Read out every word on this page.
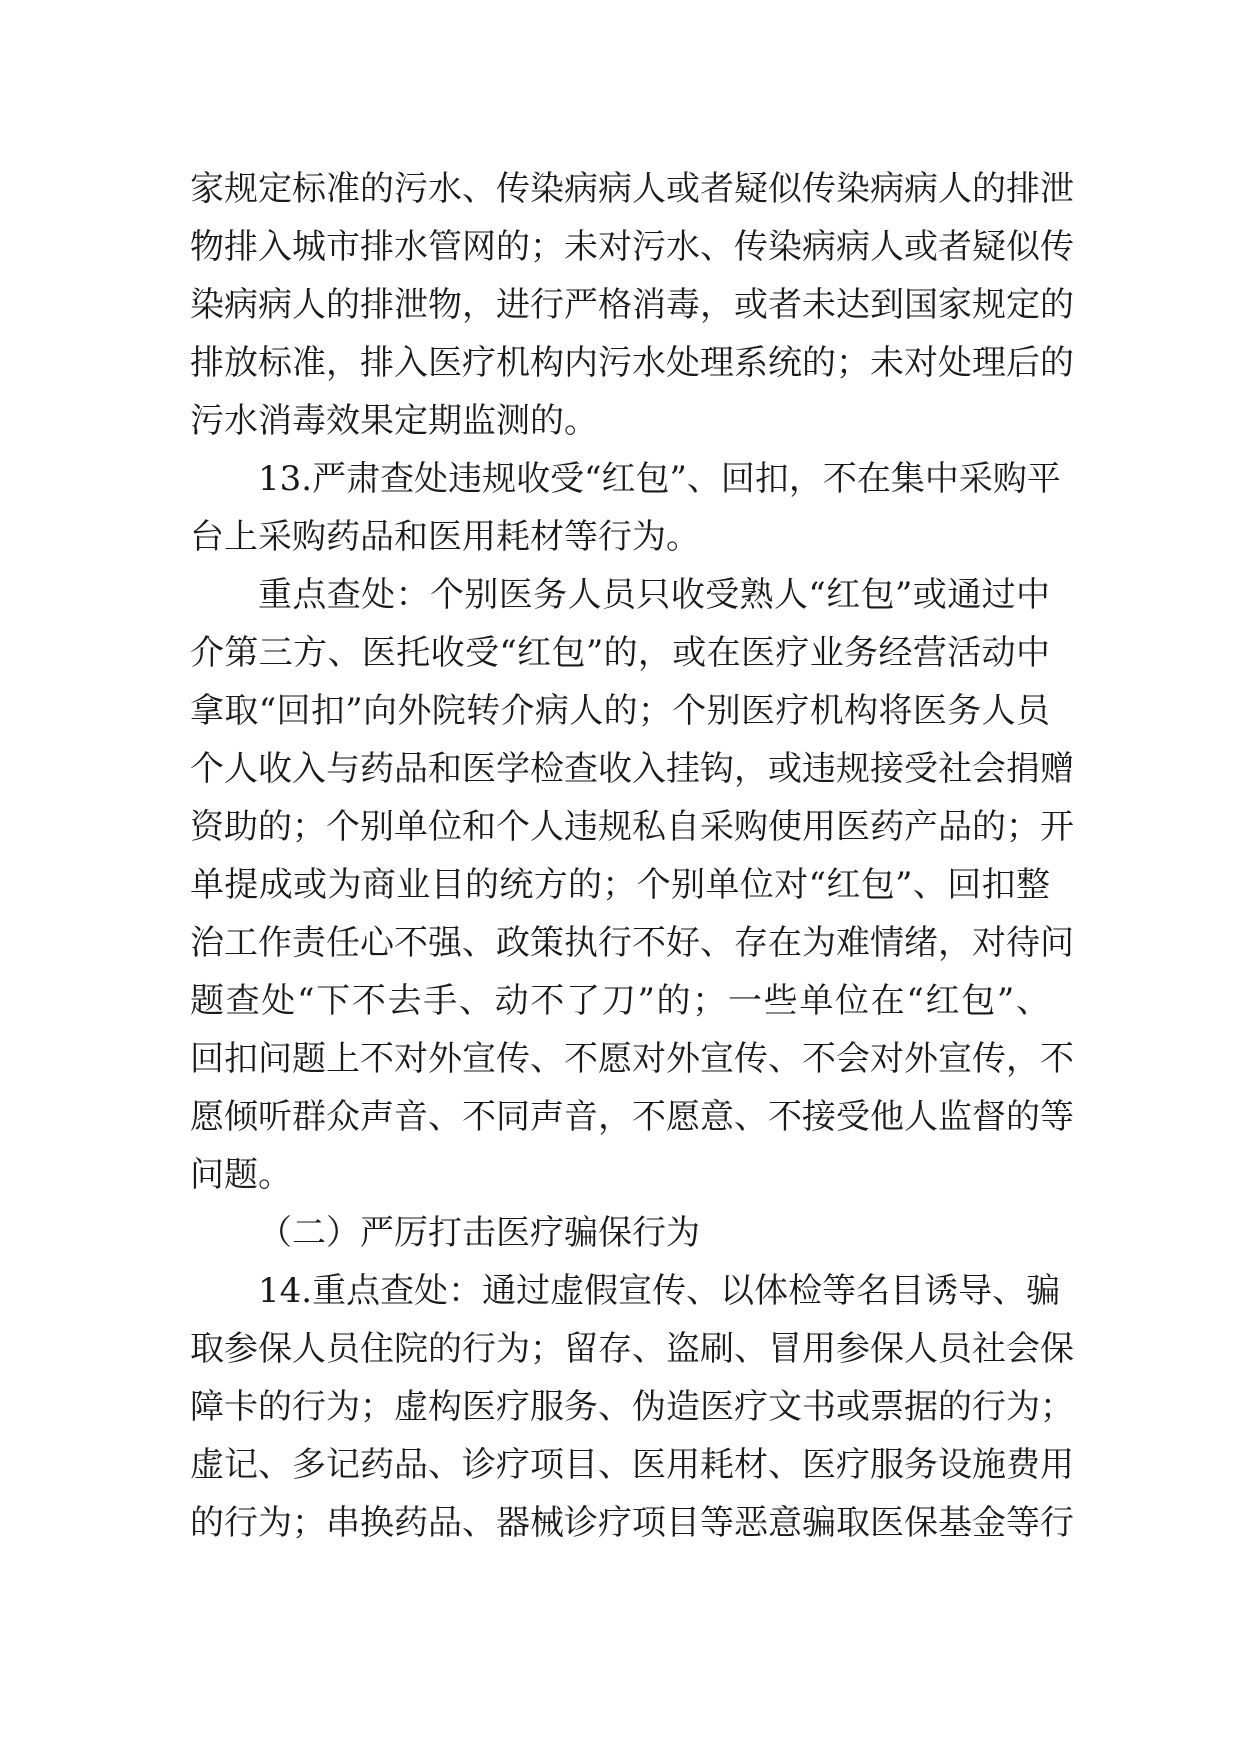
家规定标准的污水、传染病病人或者疑似传染病病人的排泄
物排入城市排水管网的；未对污水、传染病病人或者疑似传
染病病人的排泄物，进行严格消毒，或者未达到国家规定的
排放标准，排入医疗机构内污水处理系统的；未对处理后的
污水消毒效果定期监测的。
13.严肃查处违规收受“红包”、回扣，不在集中采购平
台上采购药品和医用耗材等行为。
重点查处：个别医务人员只收受熟人“红包”或通过中
介第三方、医托收受“红包”的，或在医疗业务经营活动中
拿取“回扣”向外院转介病人的；个别医疗机构将医务人员
个人收入与药品和医学检查收入挂钩，或违规接受社会捐赠
资助的；个别单位和个人违规私自采购使用医药产品的；开
单提成或为商业目的统方的；个别单位对“红包”、回扣整
治工作责任心不强、政策执行不好、存在为难情绪，对待问
题查处“下不去手、动不了刀”的；一些单位在“红包”、
回扣问题上不对外宣传、不愿对外宣传、不会对外宣传，不
愿倾听群众声音、不同声音，不愿意、不接受他人监督的等
问题。
（二）严厉打击医疗骗保行为
14.重点查处：通过虚假宣传、以体检等名目诱导、骗
取参保人员住院的行为；留存、盗刷、冒用参保人员社会保
障卡的行为；虚构医疗服务、伪造医疗文书或票据的行为；
虚记、多记药品、诊疗项目、医用耗材、医疗服务设施费用
的行为；串换药品、器械诊疗项目等恶意骗取医保基金等行
